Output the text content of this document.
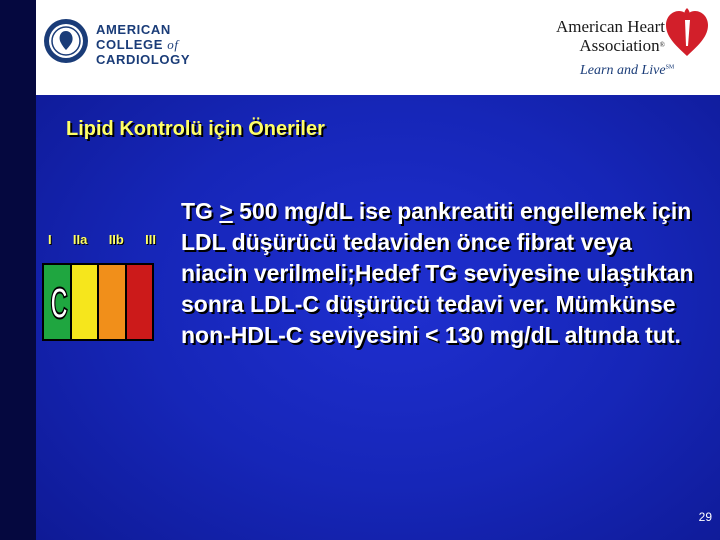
AMERICAN
COLLEGE of
CARDIOLOGY
American Heart
Association®
Learn and Live℠
Lipid Kontrolü için Öneriler
I IIa IIb III
C

TG ≥ 500 mg/dL ise pankreatiti engellemek için LDL düşürücü tedaviden önce fibrat veya niacin verilmeli;Hedef TG seviyesine ulaştıktan sonra LDL-C düşürücü tedavi ver. Mümkünse non-HDL-C seviyesini < 130 mg/dL altında tut.

29
